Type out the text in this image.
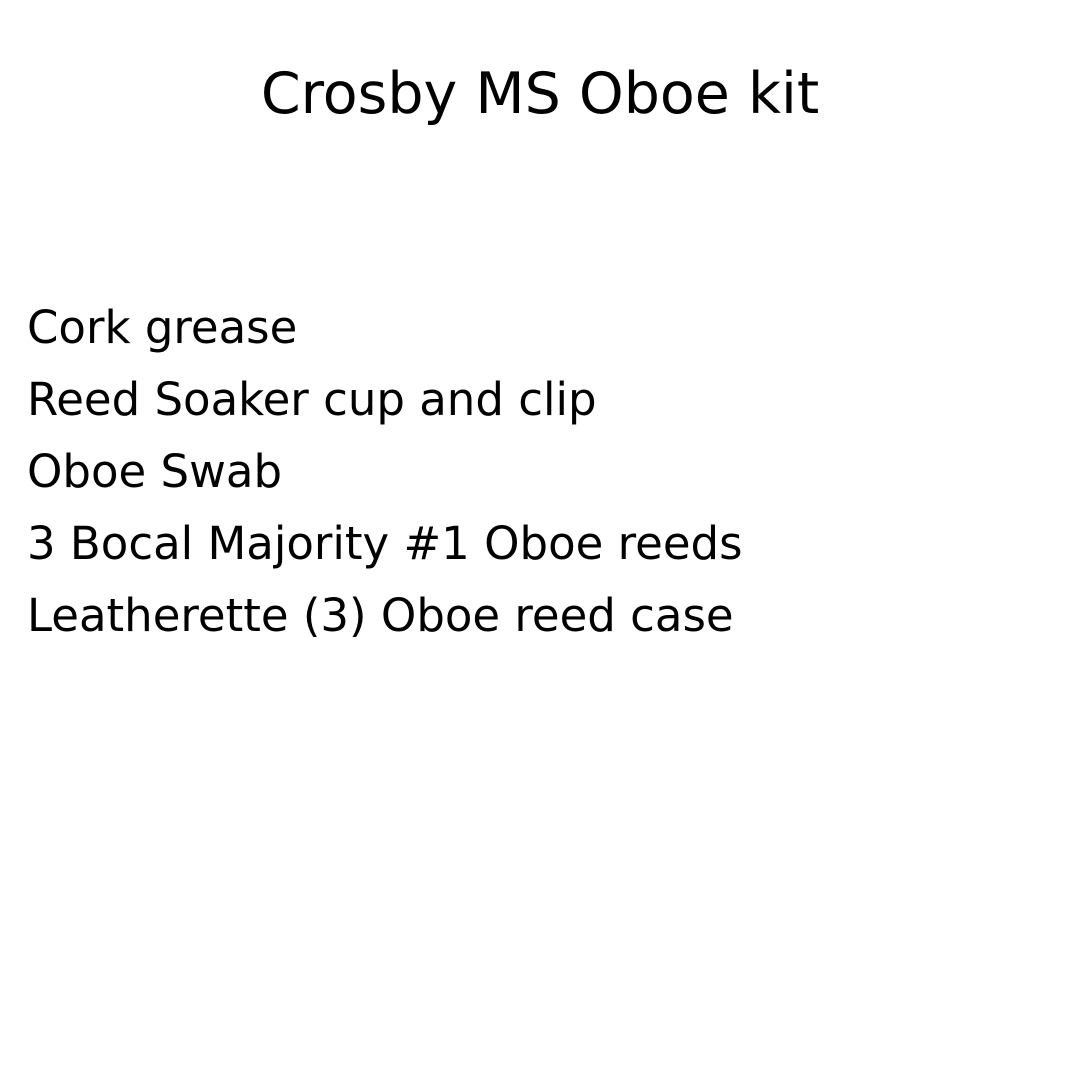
Crosby MS Oboe kit
Cork grease
Reed Soaker cup and clip
Oboe Swab
3 Bocal Majority #1 Oboe reeds
Leatherette (3) Oboe reed case
